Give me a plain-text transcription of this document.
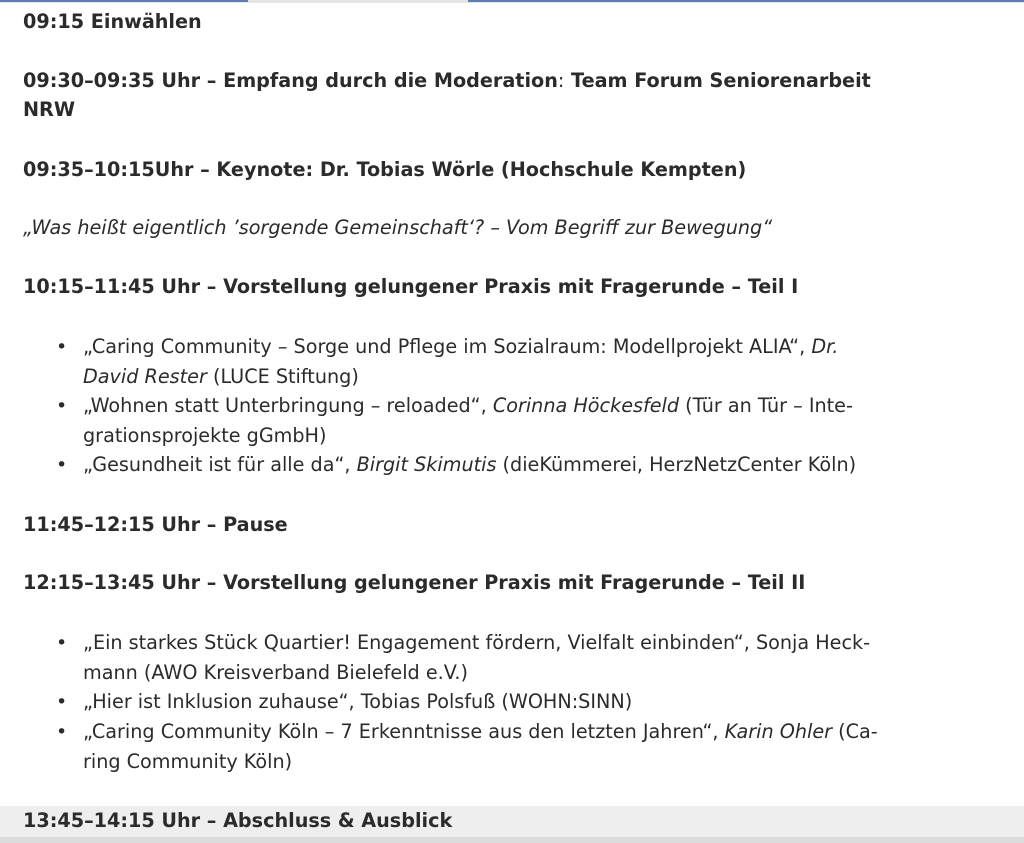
09:15 Einwählen
09:30–09:35 Uhr – Empfang durch die Moderation: Team Forum Seniorenarbeit
NRW
09:35–10:15Uhr – Keynote: Dr. Tobias Wörle (Hochschule Kempten)
„Was heißt eigentlich ’sorgende Gemeinschaft‘? – Vom Begriff zur Bewegung“
10:15–11:45 Uhr – Vorstellung gelungener Praxis mit Fragerunde – Teil I
• „Caring Community – Sorge und Pflege im Sozialraum: Modellprojekt ALIA“, Dr.
David Rester (LUCE Stiftung)
• „Wohnen statt Unterbringung – reloaded“, Corinna Höckesfeld (Tür an Tür – Inte-
grationsprojekte gGmbH)
• „Gesundheit ist für alle da“, Birgit Skimutis (dieKümmerei, HerzNetzCenter Köln)
11:45–12:15 Uhr – Pause
12:15–13:45 Uhr – Vorstellung gelungener Praxis mit Fragerunde – Teil II
• „Ein starkes Stück Quartier! Engagement fördern, Vielfalt einbinden“, Sonja Heck-
mann (AWO Kreisverband Bielefeld e.V.)
• „Hier ist Inklusion zuhause“, Tobias Polsfuß (WOHN:SINN)
• „Caring Community Köln – 7 Erkenntnisse aus den letzten Jahren“, Karin Ohler (Ca-
ring Community Köln)
13:45–14:15 Uhr – Abschluss & Ausblick
